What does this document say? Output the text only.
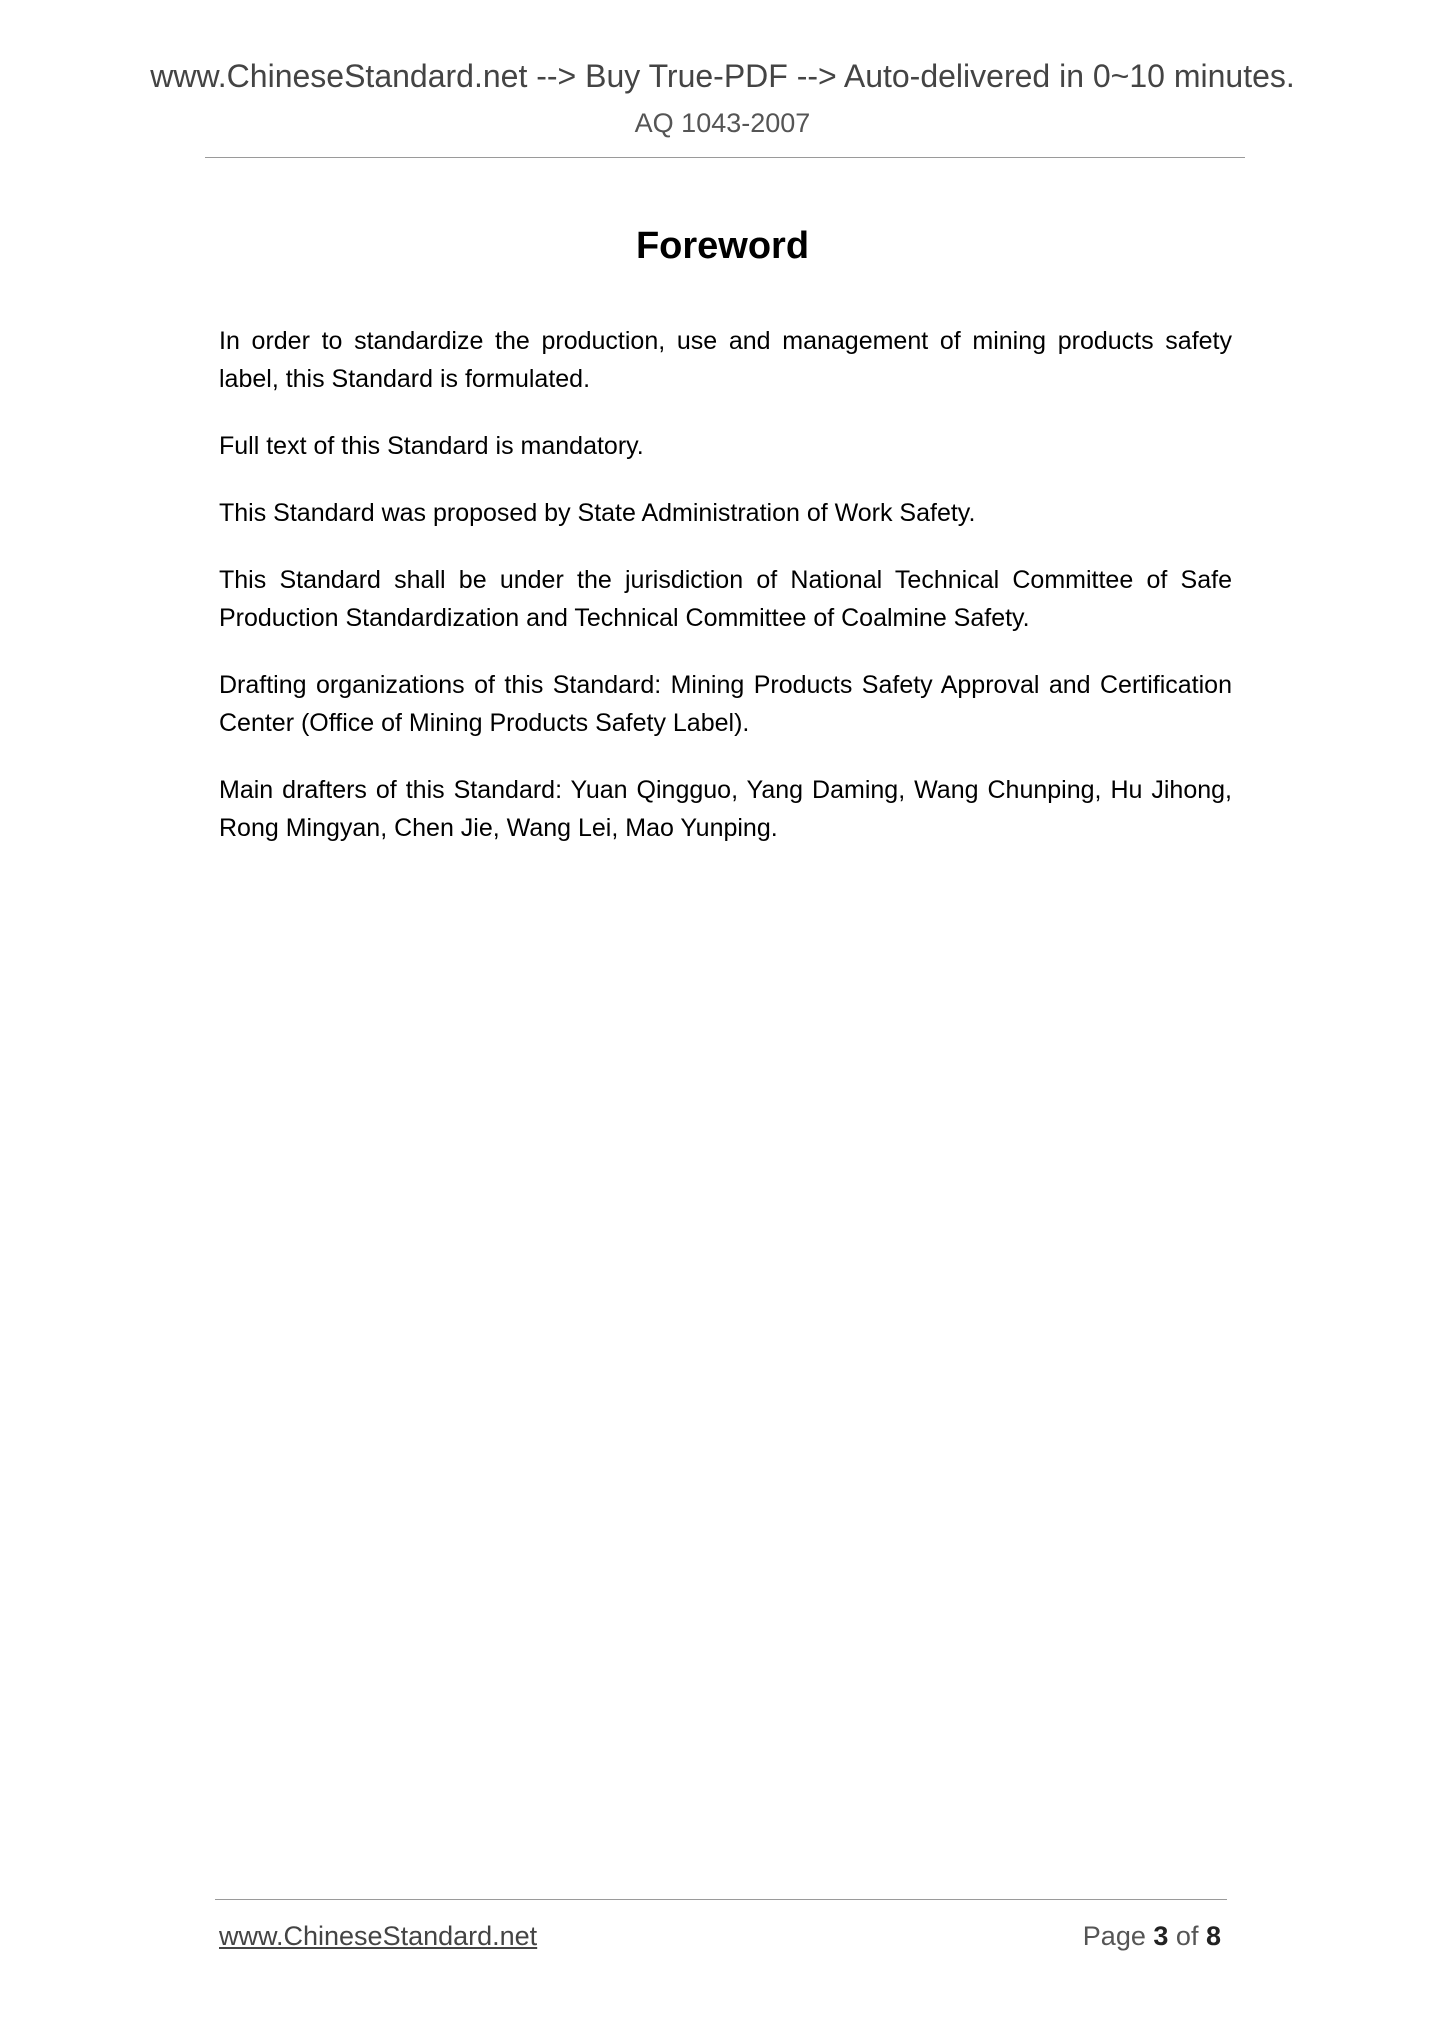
www.ChineseStandard.net --> Buy True-PDF --> Auto-delivered in 0~10 minutes.
AQ 1043-2007
Foreword

In order to standardize the production, use and management of mining products safety label, this Standard is formulated.

Full text of this Standard is mandatory.

This Standard was proposed by State Administration of Work Safety.

This Standard shall be under the jurisdiction of National Technical Committee of Safe Production Standardization and Technical Committee of Coalmine Safety.

Drafting organizations of this Standard: Mining Products Safety Approval and Certification Center (Office of Mining Products Safety Label).

Main drafters of this Standard: Yuan Qingguo, Yang Daming, Wang Chunping, Hu Jihong, Rong Mingyan, Chen Jie, Wang Lei, Mao Yunping.

www.ChineseStandard.net	Page 3 of 8
